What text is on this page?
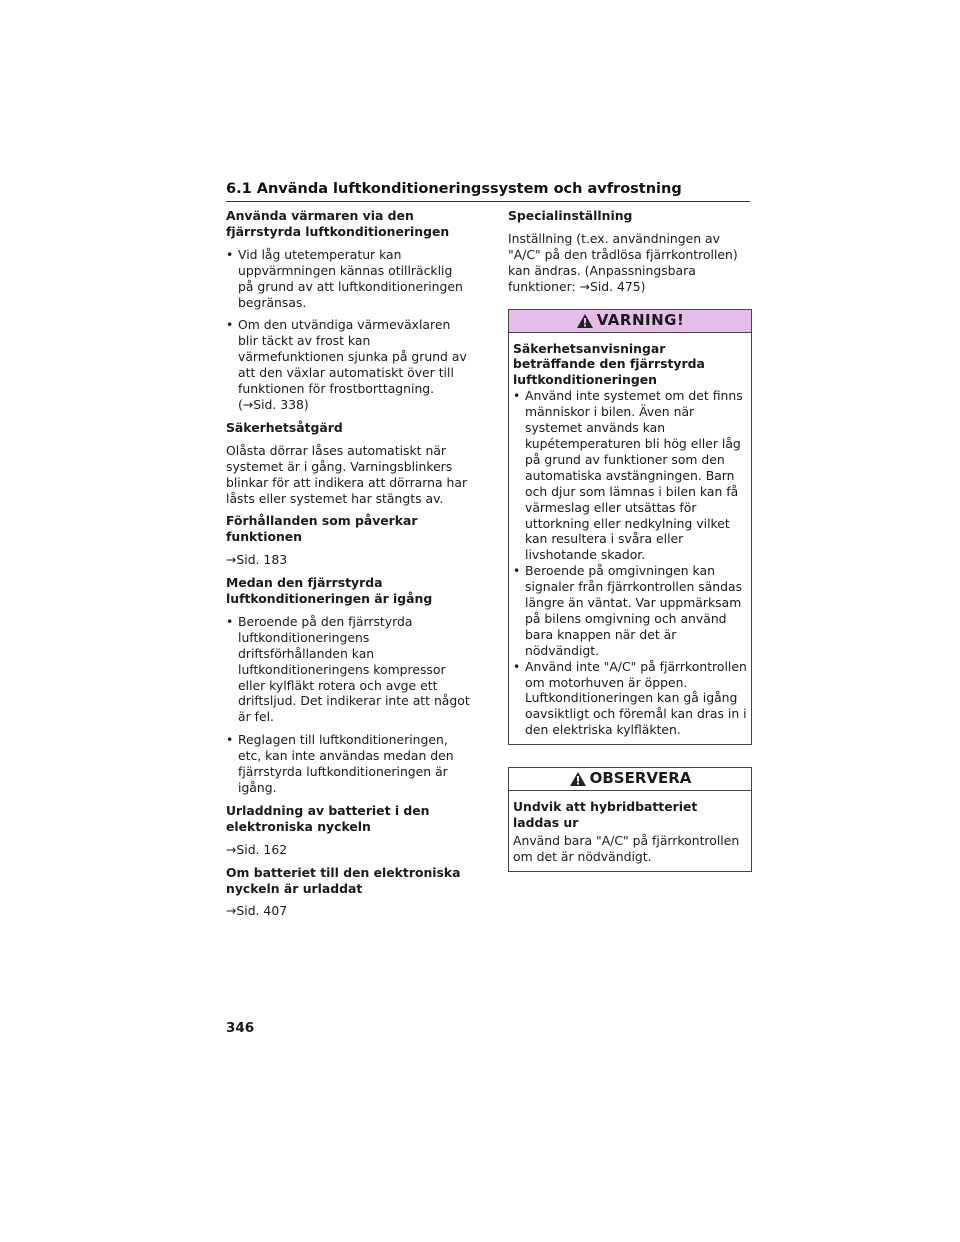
6.1 Använda luftkonditioneringssystem och avfrostning
Använda värmaren via den fjärrstyrda luftkonditioneringen
• Vid låg utetemperatur kan uppvärmningen kännas otillräcklig på grund av att luftkonditioneringen begränsas.
• Om den utvändiga värmeväxlaren blir täckt av frost kan värmefunktionen sjunka på grund av att den växlar automatiskt över till funktionen för frostborttagning. (→Sid. 338)
Säkerhetsåtgärd
Olåsta dörrar låses automatiskt när systemet är i gång. Varningsblinkers blinkar för att indikera att dörrarna har låsts eller systemet har stängts av.
Förhållanden som påverkar funktionen
→Sid. 183
Medan den fjärrstyrda luftkonditioneringen är igång
• Beroende på den fjärrstyrda luftkonditioneringens driftsförhållanden kan luftkonditioneringens kompressor eller kylfläkt rotera och avge ett driftsljud. Det indikerar inte att något är fel.
• Reglagen till luftkonditioneringen, etc, kan inte användas medan den fjärrstyrda luftkonditioneringen är igång.
Urladdning av batteriet i den elektroniska nyckeln
→Sid. 162
Om batteriet till den elektroniska nyckeln är urladdat
→Sid. 407
Specialinställning
Inställning (t.ex. användningen av "A/C" på den trådlösa fjärrkontrollen) kan ändras. (Anpassningsbara funktioner: →Sid. 475)
VARNING!
Säkerhetsanvisningar beträffande den fjärrstyrda luftkonditioneringen
• Använd inte systemet om det finns människor i bilen. Även när systemet används kan kupétemperaturen bli hög eller låg på grund av funktioner som den automatiska avstängningen. Barn och djur som lämnas i bilen kan få värmeslag eller utsättas för uttorkning eller nedkylning vilket kan resultera i svåra eller livshotande skador.
• Beroende på omgivningen kan signaler från fjärrkontrollen sändas längre än väntat. Var uppmärksam på bilens omgivning och använd bara knappen när det är nödvändigt.
• Använd inte "A/C" på fjärrkontrollen om motorhuven är öppen. Luftkonditioneringen kan gå igång oavsiktligt och föremål kan dras in i den elektriska kylfläkten.
OBSERVERA
Undvik att hybridbatteriet laddas ur
Använd bara "A/C" på fjärrkontrollen om det är nödvändigt.
346
